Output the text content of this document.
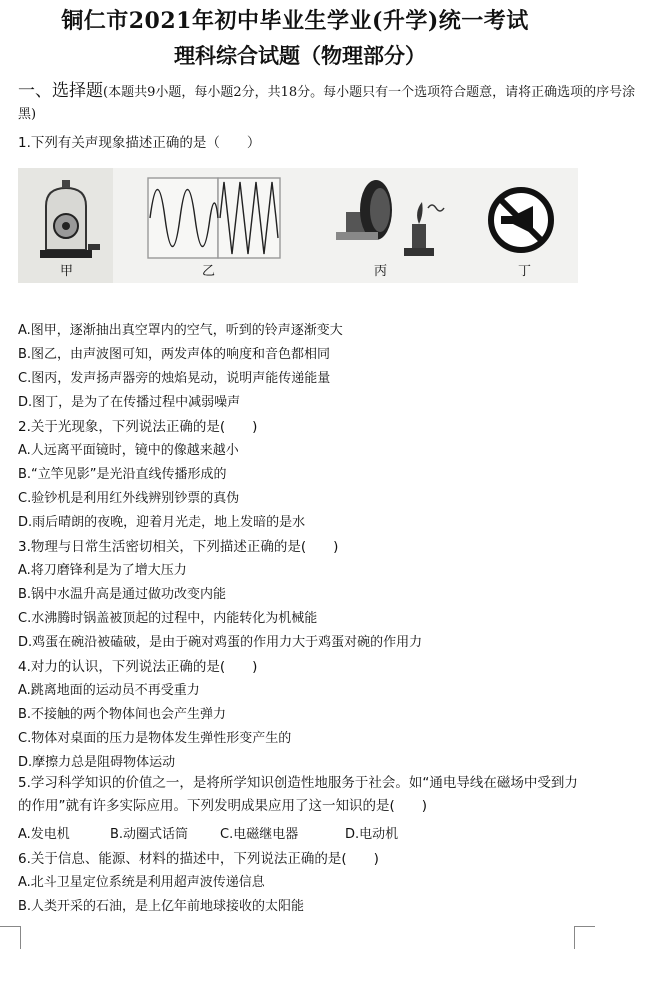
铜仁市2021年初中毕业生学业(升学)统一考试
理科综合试题（物理部分）
一、选择题(本题共9小题，每小题2分，共18分。每小题只有一个选项符合题意，请将正确选项的序号涂黑)
1.下列有关声现象描述正确的是（　　）
甲	乙	丙	丁
A.图甲，逐渐抽出真空罩内的空气，听到的铃声逐渐变大
B.图乙，由声波图可知，两发声体的响度和音色都相同
C.图丙，发声扬声器旁的烛焰晃动，说明声能传递能量
D.图丁，是为了在传播过程中减弱噪声
2.关于光现象，下列说法正确的是(　　)
A.人远离平面镜时，镜中的像越来越小
B.“立竿见影”是光沿直线传播形成的
C.验钞机是利用红外线辨别钞票的真伪
D.雨后晴朗的夜晚，迎着月光走，地上发暗的是水
3.物理与日常生活密切相关，下列描述正确的是(　　)
A.将刀磨锋利是为了增大压力
B.锅中水温升高是通过做功改变内能
C.水沸腾时锅盖被顶起的过程中，内能转化为机械能
D.鸡蛋在碗沿被磕破，是由于碗对鸡蛋的作用力大于鸡蛋对碗的作用力
4.对力的认识，下列说法正确的是(　　)
A.跳离地面的运动员不再受重力
B.不接触的两个物体间也会产生弹力
C.物体对桌面的压力是物体发生弹性形变产生的
D.摩擦力总是阻碍物体运动
5.学习科学知识的价值之一，是将所学知识创造性地服务于社会。如“通电导线在磁场中受到力的作用”就有许多实际应用。下列发明成果应用了这一知识的是(　　)
A.发电机	B.动圈式话筒 C.电磁继电器	D.电动机
6.关于信息、能源、材料的描述中，下列说法正确的是(　　)
A.北斗卫星定位系统是利用超声波传递信息
B.人类开采的石油，是上亿年前地球接收的太阳能
